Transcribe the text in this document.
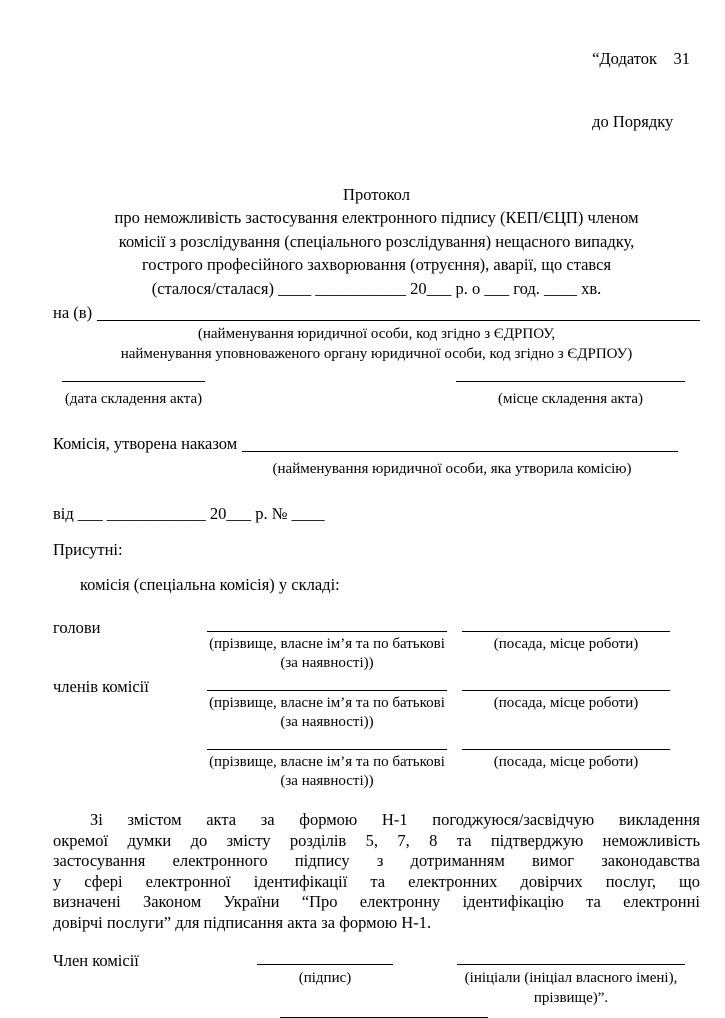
“Додаток    31

до Порядку

Протокол
про неможливість застосування електронного підпису (КЕП/ЄЦП) членом
комісії з розслідування (спеціального розслідування) нещасного випадку,
гострого професійного захворювання (отруєння), аварії, що стався
(сталося/сталася) ____ ___________ 20___ р. о ___ год. ____ хв.
на (в)
(найменування юридичної особи, код згідно з ЄДРПОУ,
найменування уповноваженого органу юридичної особи, код згідно з ЄДРПОУ)
(дата складення акта)	(місце складення акта)
Комісія, утворена наказом
(найменування юридичної особи, яка утворила комісію)
від ___ ____________ 20___ р. № ____
Присутні:
комісія (спеціальна комісія) у складі:
голови
(прізвище, власне ім’я та по батькові
(за наявності))
(посада, місце роботи)
членів комісії
(прізвище, власне ім’я та по батькові
(за наявності))
(посада, місце роботи)
(прізвище, власне ім’я та по батькові
(за наявності))
(посада, місце роботи)
Зі змістом акта за формою Н-1 погоджуюся/засвідчую викладення
окремої думки до змісту розділів 5, 7, 8 та підтверджую неможливість
застосування електронного підпису з дотриманням вимог законодавства
у сфері електронної ідентифікації та електронних довірчих послуг, що
визначені Законом України “Про електронну ідентифікацію та електронні
довірчі послуги” для підписання акта за формою Н-1.
Член комісії
(підпис)	(ініціали (ініціал власного імені),
прізвище)”.
